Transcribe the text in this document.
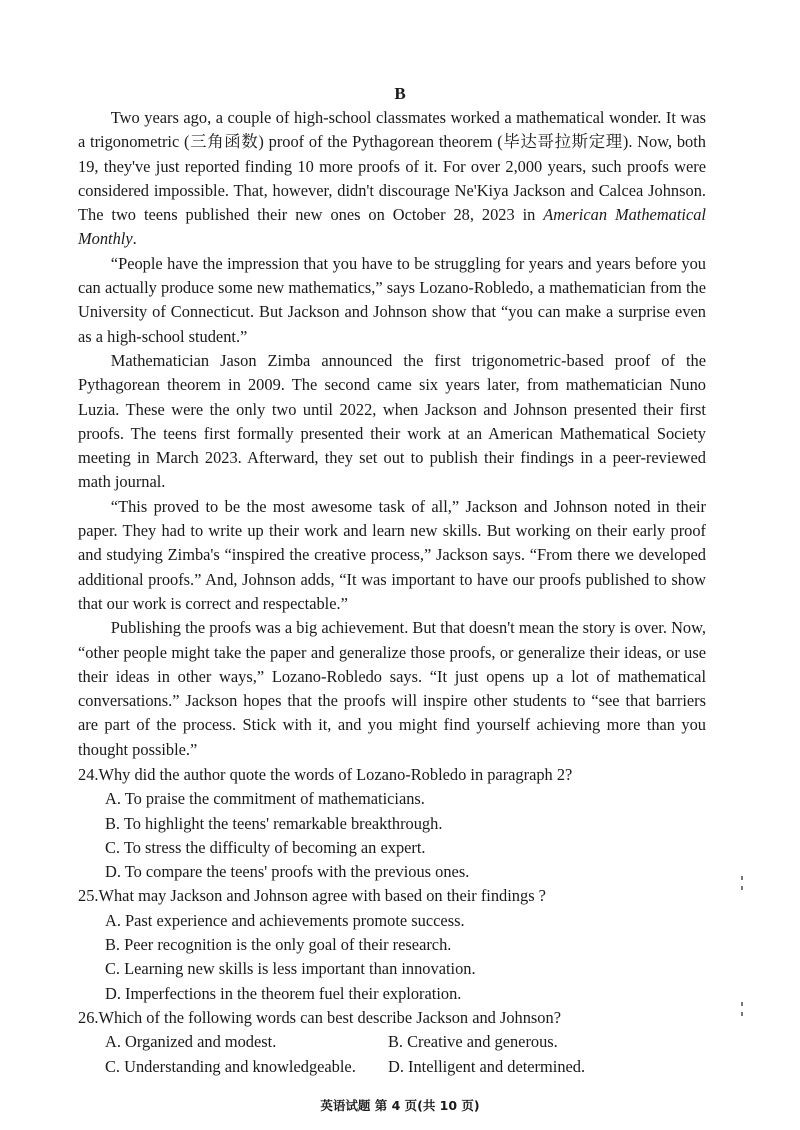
B

Two years ago, a couple of high-school classmates worked a mathematical wonder. It was a trigonometric (三角函数) proof of the Pythagorean theorem (毕达哥拉斯定理). Now, both 19, they've just reported finding 10 more proofs of it. For over 2,000 years, such proofs were considered impossible. That, however, didn't discourage Ne'Kiya Jackson and Calcea Johnson. The two teens published their new ones on October 28, 2023 in American Mathematical Monthly.

“People have the impression that you have to be struggling for years and years before you can actually produce some new mathematics,” says Lozano-Robledo, a mathematician from the University of Connecticut. But Jackson and Johnson show that “you can make a surprise even as a high-school student.”

Mathematician Jason Zimba announced the first trigonometric-based proof of the Pythagorean theorem in 2009. The second came six years later, from mathematician Nuno Luzia. These were the only two until 2022, when Jackson and Johnson presented their first proofs. The teens first formally presented their work at an American Mathematical Society meeting in March 2023. Afterward, they set out to publish their findings in a peer-reviewed math journal.

“This proved to be the most awesome task of all,” Jackson and Johnson noted in their paper. They had to write up their work and learn new skills. But working on their early proof and studying Zimba's “inspired the creative process,” Jackson says. “From there we developed additional proofs.” And, Johnson adds, “It was important to have our proofs published to show that our work is correct and respectable.”

Publishing the proofs was a big achievement. But that doesn't mean the story is over. Now, “other people might take the paper and generalize those proofs, or generalize their ideas, or use their ideas in other ways,” Lozano-Robledo says. “It just opens up a lot of mathematical conversations.” Jackson hopes that the proofs will inspire other students to “see that barriers are part of the process. Stick with it, and you might find yourself achieving more than you thought possible.”

24.Why did the author quote the words of Lozano-Robledo in paragraph 2?

A. To praise the commitment of mathematicians.

B. To highlight the teens' remarkable breakthrough.

C. To stress the difficulty of becoming an expert.

D. To compare the teens' proofs with the previous ones.

25.What may Jackson and Johnson agree with based on their findings ?

A. Past experience and achievements promote success.

B. Peer recognition is the only goal of their research.

C. Learning new skills is less important than innovation.

D. Imperfections in the theorem fuel their exploration.

26.Which of the following words can best describe Jackson and Johnson?

A. Organized and modest.	B. Creative and generous.

C. Understanding and knowledgeable.	D. Intelligent and determined.

英语试题 第 4 页(共 10 页)
